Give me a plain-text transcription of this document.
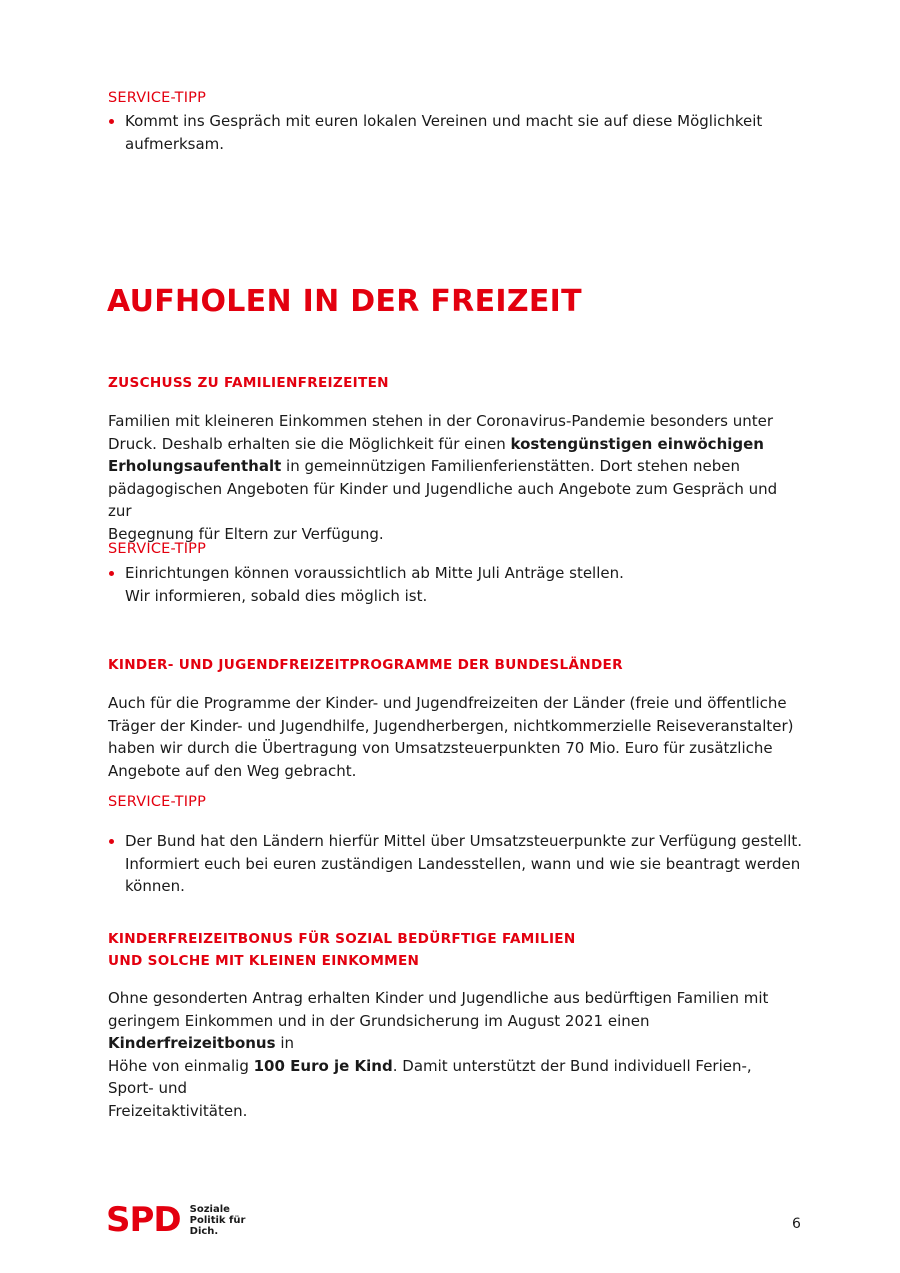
SERVICE-TIPP
Kommt ins Gespräch mit euren lokalen Vereinen und macht sie auf diese Möglichkeit
aufmerksam.
AUFHOLEN IN DER FREIZEIT
ZUSCHUSS ZU FAMILIENFREIZEITEN
Familien mit kleineren Einkommen stehen in der Coronavirus-Pandemie besonders unter
Druck. Deshalb erhalten sie die Möglichkeit für einen kostengünstigen einwöchigen
Erholungsaufenthalt in gemeinnützigen Familienferienstätten. Dort stehen neben
pädagogischen Angeboten für Kinder und Jugendliche auch Angebote zum Gespräch und zur
Begegnung für Eltern zur Verfügung.
SERVICE-TIPP
Einrichtungen können voraussichtlich ab Mitte Juli Anträge stellen.
Wir informieren, sobald dies möglich ist.
KINDER- UND JUGENDFREIZEITPROGRAMME DER BUNDESLÄNDER
Auch für die Programme der Kinder- und Jugendfreizeiten der Länder (freie und öffentliche
Träger der Kinder- und Jugendhilfe, Jugendherbergen, nichtkommerzielle Reiseveranstalter)
haben wir durch die Übertragung von Umsatzsteuerpunkten 70 Mio. Euro für zusätzliche
Angebote auf den Weg gebracht.
SERVICE-TIPP
Der Bund hat den Ländern hierfür Mittel über Umsatzsteuerpunkte zur Verfügung gestellt.
Informiert euch bei euren zuständigen Landesstellen, wann und wie sie beantragt werden
können.
KINDERFREIZEITBONUS FÜR SOZIAL BEDÜRFTIGE FAMILIEN
UND SOLCHE MIT KLEINEN EINKOMMEN
Ohne gesonderten Antrag erhalten Kinder und Jugendliche aus bedürftigen Familien mit
geringem Einkommen und in der Grundsicherung im August 2021 einen Kinderfreizeitbonus in
Höhe von einmalig 100 Euro je Kind. Damit unterstützt der Bund individuell Ferien-, Sport- und
Freizeitaktivitäten.
SPD Soziale
Politik für
Dich.	6
